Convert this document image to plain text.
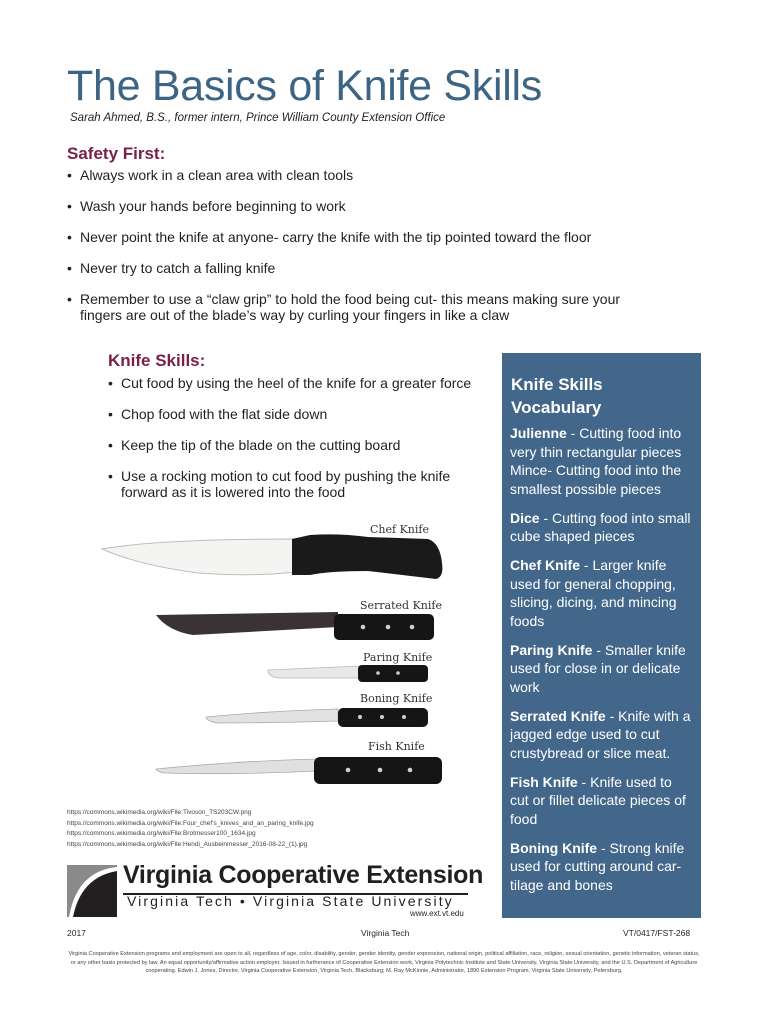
The Basics of Knife Skills
Sarah Ahmed, B.S., former intern, Prince William County Extension Office
Safety First:
• Always work in a clean area with clean tools
• Wash your hands before beginning to work
• Never point the knife at anyone- carry the knife with the tip pointed toward the floor
• Never try to catch a falling knife
• Remember to use a “claw grip” to hold the food being cut- this means making sure your fingers are out of the blade’s way by curling your fingers in like a claw
Knife Skills:
• Cut food by using the heel of the knife for a greater force
• Chop food with the flat side down
• Keep the tip of the blade on the cutting board
• Use a rocking motion to cut food by pushing the knife forward as it is lowered into the food
Chef Knife
Serrated Knife
Paring Knife
Boning Knife
Fish Knife
https://commons.wikimedia.org/wiki/File:Tivoson_TS203CW.png
https://commons.wikimedia.org/wiki/File:Four_chef's_knives_and_an_paring_knife.jpg
https://commons.wikimedia.org/wiki/File:Brotmesser100_1634.jpg
https://commons.wikimedia.org/wiki/File:Hendi_Ausbeinmesser_2016-08-22_(1).jpg
Virginia Cooperative Extension
Virginia Tech • Virginia State University
www.ext.vt.edu
Knife Skills
Vocabulary

Julienne - Cutting food into very thin rectangular pieces Mince- Cutting food into the smallest possible pieces

Dice - Cutting food into small cube shaped pieces

Chef Knife - Larger knife used for general chopping, slicing, dicing, and mincing foods

Paring Knife - Smaller knife used for close in or delicate work

Serrated Knife - Knife with a jagged edge used to cut crustybread or slice meat.

Fish Knife - Knife used to cut or fillet delicate pieces of food

Boning Knife - Strong knife used for cutting around cartilage and bones

2017	Virginia Tech	VT/0417/FST-268
Virginia Cooperative Extension programs and employment are open to all, regardless of age, color, disability, gender, gender identity, gender expression, national origin, political affiliation, race, religion, sexual orientation, genetic information, veteran status, or any other basis protected by law. An equal opportunity/affirmative action employer. Issued in furtherance of Cooperative Extension work, Virginia Polytechnic Institute and State University, Virginia State University, and the U.S. Department of Agriculture cooperating. Edwin J. Jones, Director, Virginia Cooperative Extension, Virginia Tech, Blacksburg; M. Ray McKinnie, Administrator, 1890 Extension Program, Virginia State University, Petersburg.
